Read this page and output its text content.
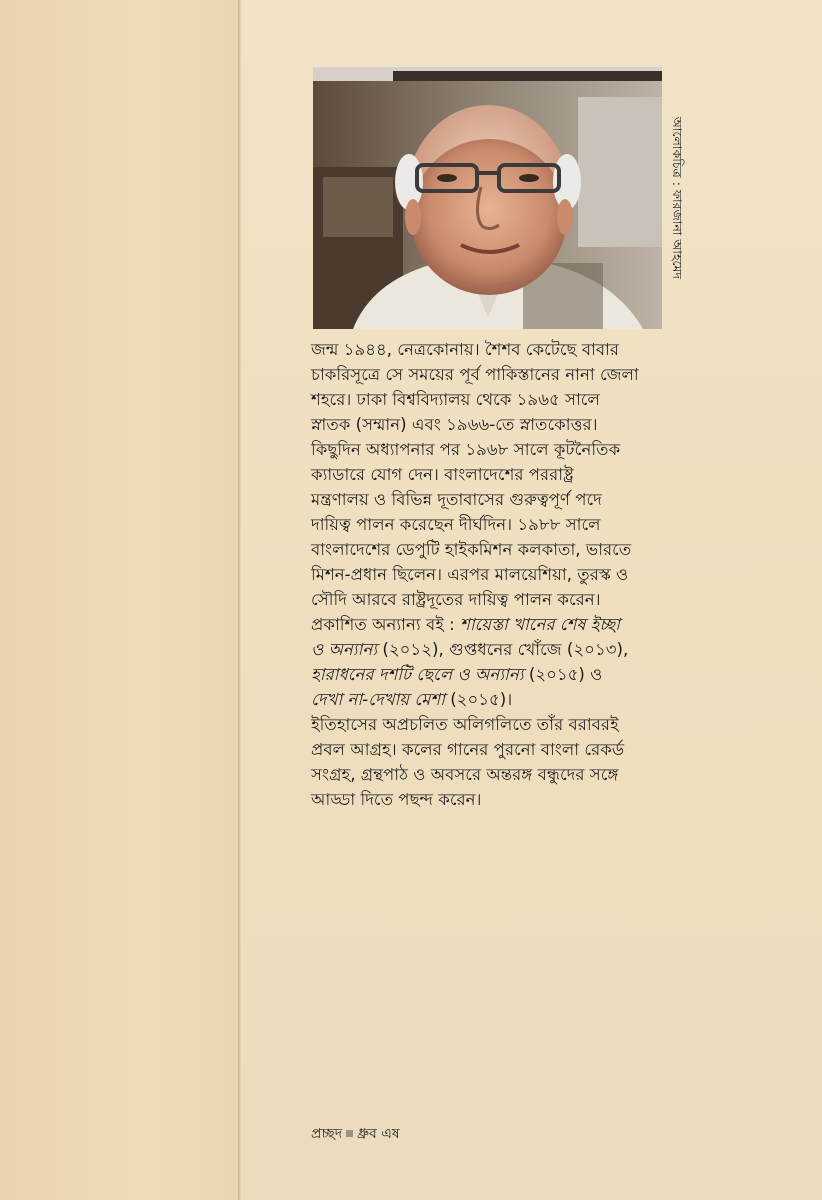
আলোকচিত্র : ফারজানা আহমেদ

জন্ম ১৯৪৪, নেত্রকোনায়। শৈশব কেটেছে বাবার
চাকরিসূত্রে সে সময়ের পূর্ব পাকিস্তানের নানা জেলা
শহরে। ঢাকা বিশ্ববিদ্যালয় থেকে ১৯৬৫ সালে
স্নাতক (সম্মান) এবং ১৯৬৬-তে স্নাতকোত্তর।
কিছুদিন অধ্যাপনার পর ১৯৬৮ সালে কূটনৈতিক
ক্যাডারে যোগ দেন। বাংলাদেশের পররাষ্ট্র
মন্ত্রণালয় ও বিভিন্ন দূতাবাসের গুরুত্বপূর্ণ পদে
দায়িত্ব পালন করেছেন দীর্ঘদিন। ১৯৮৮ সালে
বাংলাদেশের ডেপুটি হাইকমিশন কলকাতা, ভারতে
মিশন-প্রধান ছিলেন। এরপর মালয়েশিয়া, তুরস্ক ও
সৌদি আরবে রাষ্ট্রদূতের দায়িত্ব পালন করেন।

প্রকাশিত অন্যান্য বই : শায়েস্তা খানের শেষ ইচ্ছা
ও অন্যান্য (২০১২), গুপ্তধনের খোঁজে (২০১৩),
হারাধনের দশটি ছেলে ও অন্যান্য (২০১৫) ও
দেখা না-দেখায় মেশা (২০১৫)।

ইতিহাসের অপ্রচলিত অলিগলিতে তাঁর বরাবরই
প্রবল আগ্রহ। কলের গানের পুরনো বাংলা রেকর্ড
সংগ্রহ, গ্রন্থপাঠ ও অবসরে অন্তরঙ্গ বন্ধুদের সঙ্গে
আড্ডা দিতে পছন্দ করেন।

প্রচ্ছদ ধ্রুব এষ
